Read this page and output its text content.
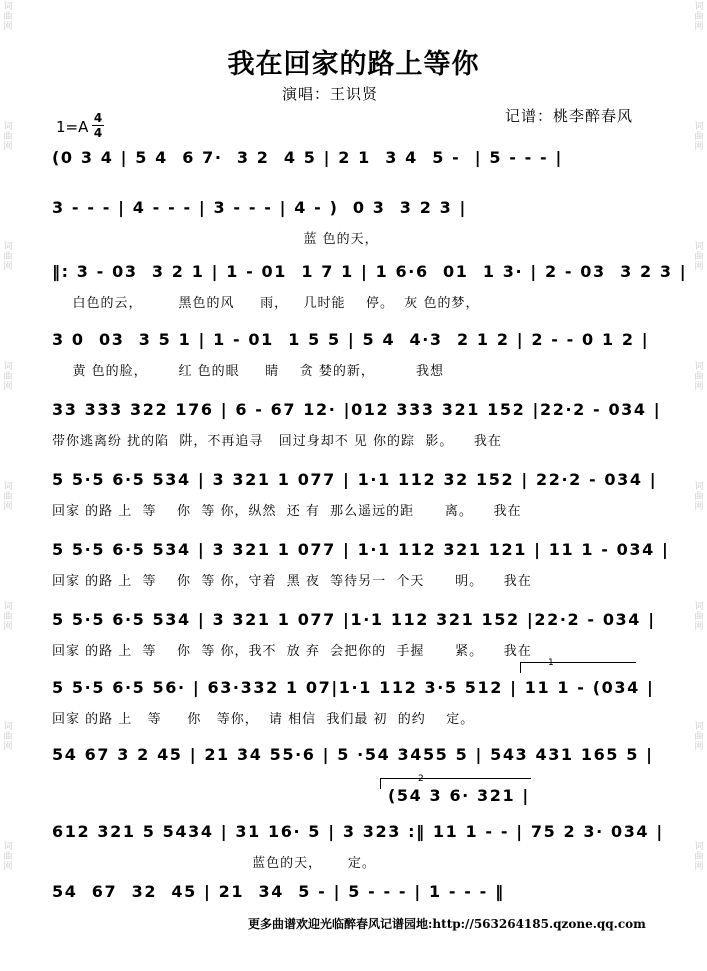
词
曲
网
词
曲
网
词
曲
网
词
曲
网
词
曲
网
词
曲
网
词
曲
网
词
曲
网
词
曲
网
词
曲
网
词
曲
网
词
曲
网
词
曲
网
词
曲
网
词
曲
网
词
曲
网
我在回家的路上等你
演唱：王识贤
记谱：桃李醉春风
1=A 4
4
(0 3 4 | 5 4  6 7·  3 2  4 5 | 2 1  3 4  5 -  | 5 - - - |
3 - - - | 4 - - - | 3 - - - | 4 - )  0 3  3 2 3 |
蓝 色的天，
‖: 3 - 03  3 2 1 | 1 - 01  1 7 1 | 1 6·6  01  1 3· | 2 - 03  3 2 3 |
白色的云，       黑色的风     雨，   几时能    停。  灰 色的梦，
3 0  03  3 5 1 | 1 - 01  1 5 5 | 5 4  4·3  2 1 2 | 2 - - 0 1 2 |
黄 色的脸，      红 色的眼     睛    贪 婪的新，        我想
33 333 322 176 | 6 - 67 12· |012 333 321 152 |22·2 - 034 |
带你逃离纷 扰的陷  阱，不再追寻   回过身却不 见 你的踪  影。    我在
5 5·5 6·5 534 | 3 321 1 077 | 1·1 112 32 152 | 22·2 - 034 |
回家 的路 上  等    你  等 你，纵然  还 有  那么遥远的距      离。    我在
5 5·5 6·5 534 | 3 321 1 077 | 1·1 112 321 121 | 11 1 - 034 |
回家 的路 上  等    你  等 你，守着  黑 夜  等待另一  个天      明。    我在
5 5·5 6·5 534 | 3 321 1 077 |1·1 112 321 152 |22·2 - 034 |
回家 的路 上  等    你  等 你，我不  放 弃  会把你的  手握      紧。    我在
5 5·5 6·5 56· | 63·332 1 07|1·1 112 3·5 512 | 11 1 - (034 |
回家 的路 上   等     你   等你，  请 相信  我们最 初  的约    定。
1
54 67 3 2 45 | 21 34 55·6 | 5 ·54 3455 5 | 543 431 165 5 |
2
(54 3 6· 321 |
612 321 5 5434 | 31 16· 5 | 3 323 :‖ 11 1 - - | 75 2 3· 034 |
蓝色的天，     定。
54  67  32  45 | 21  34  5 - | 5 - - - | 1 - - - ‖
更多曲谱欢迎光临醉春风记谱园地:http://563264185.qzone.qq.com
